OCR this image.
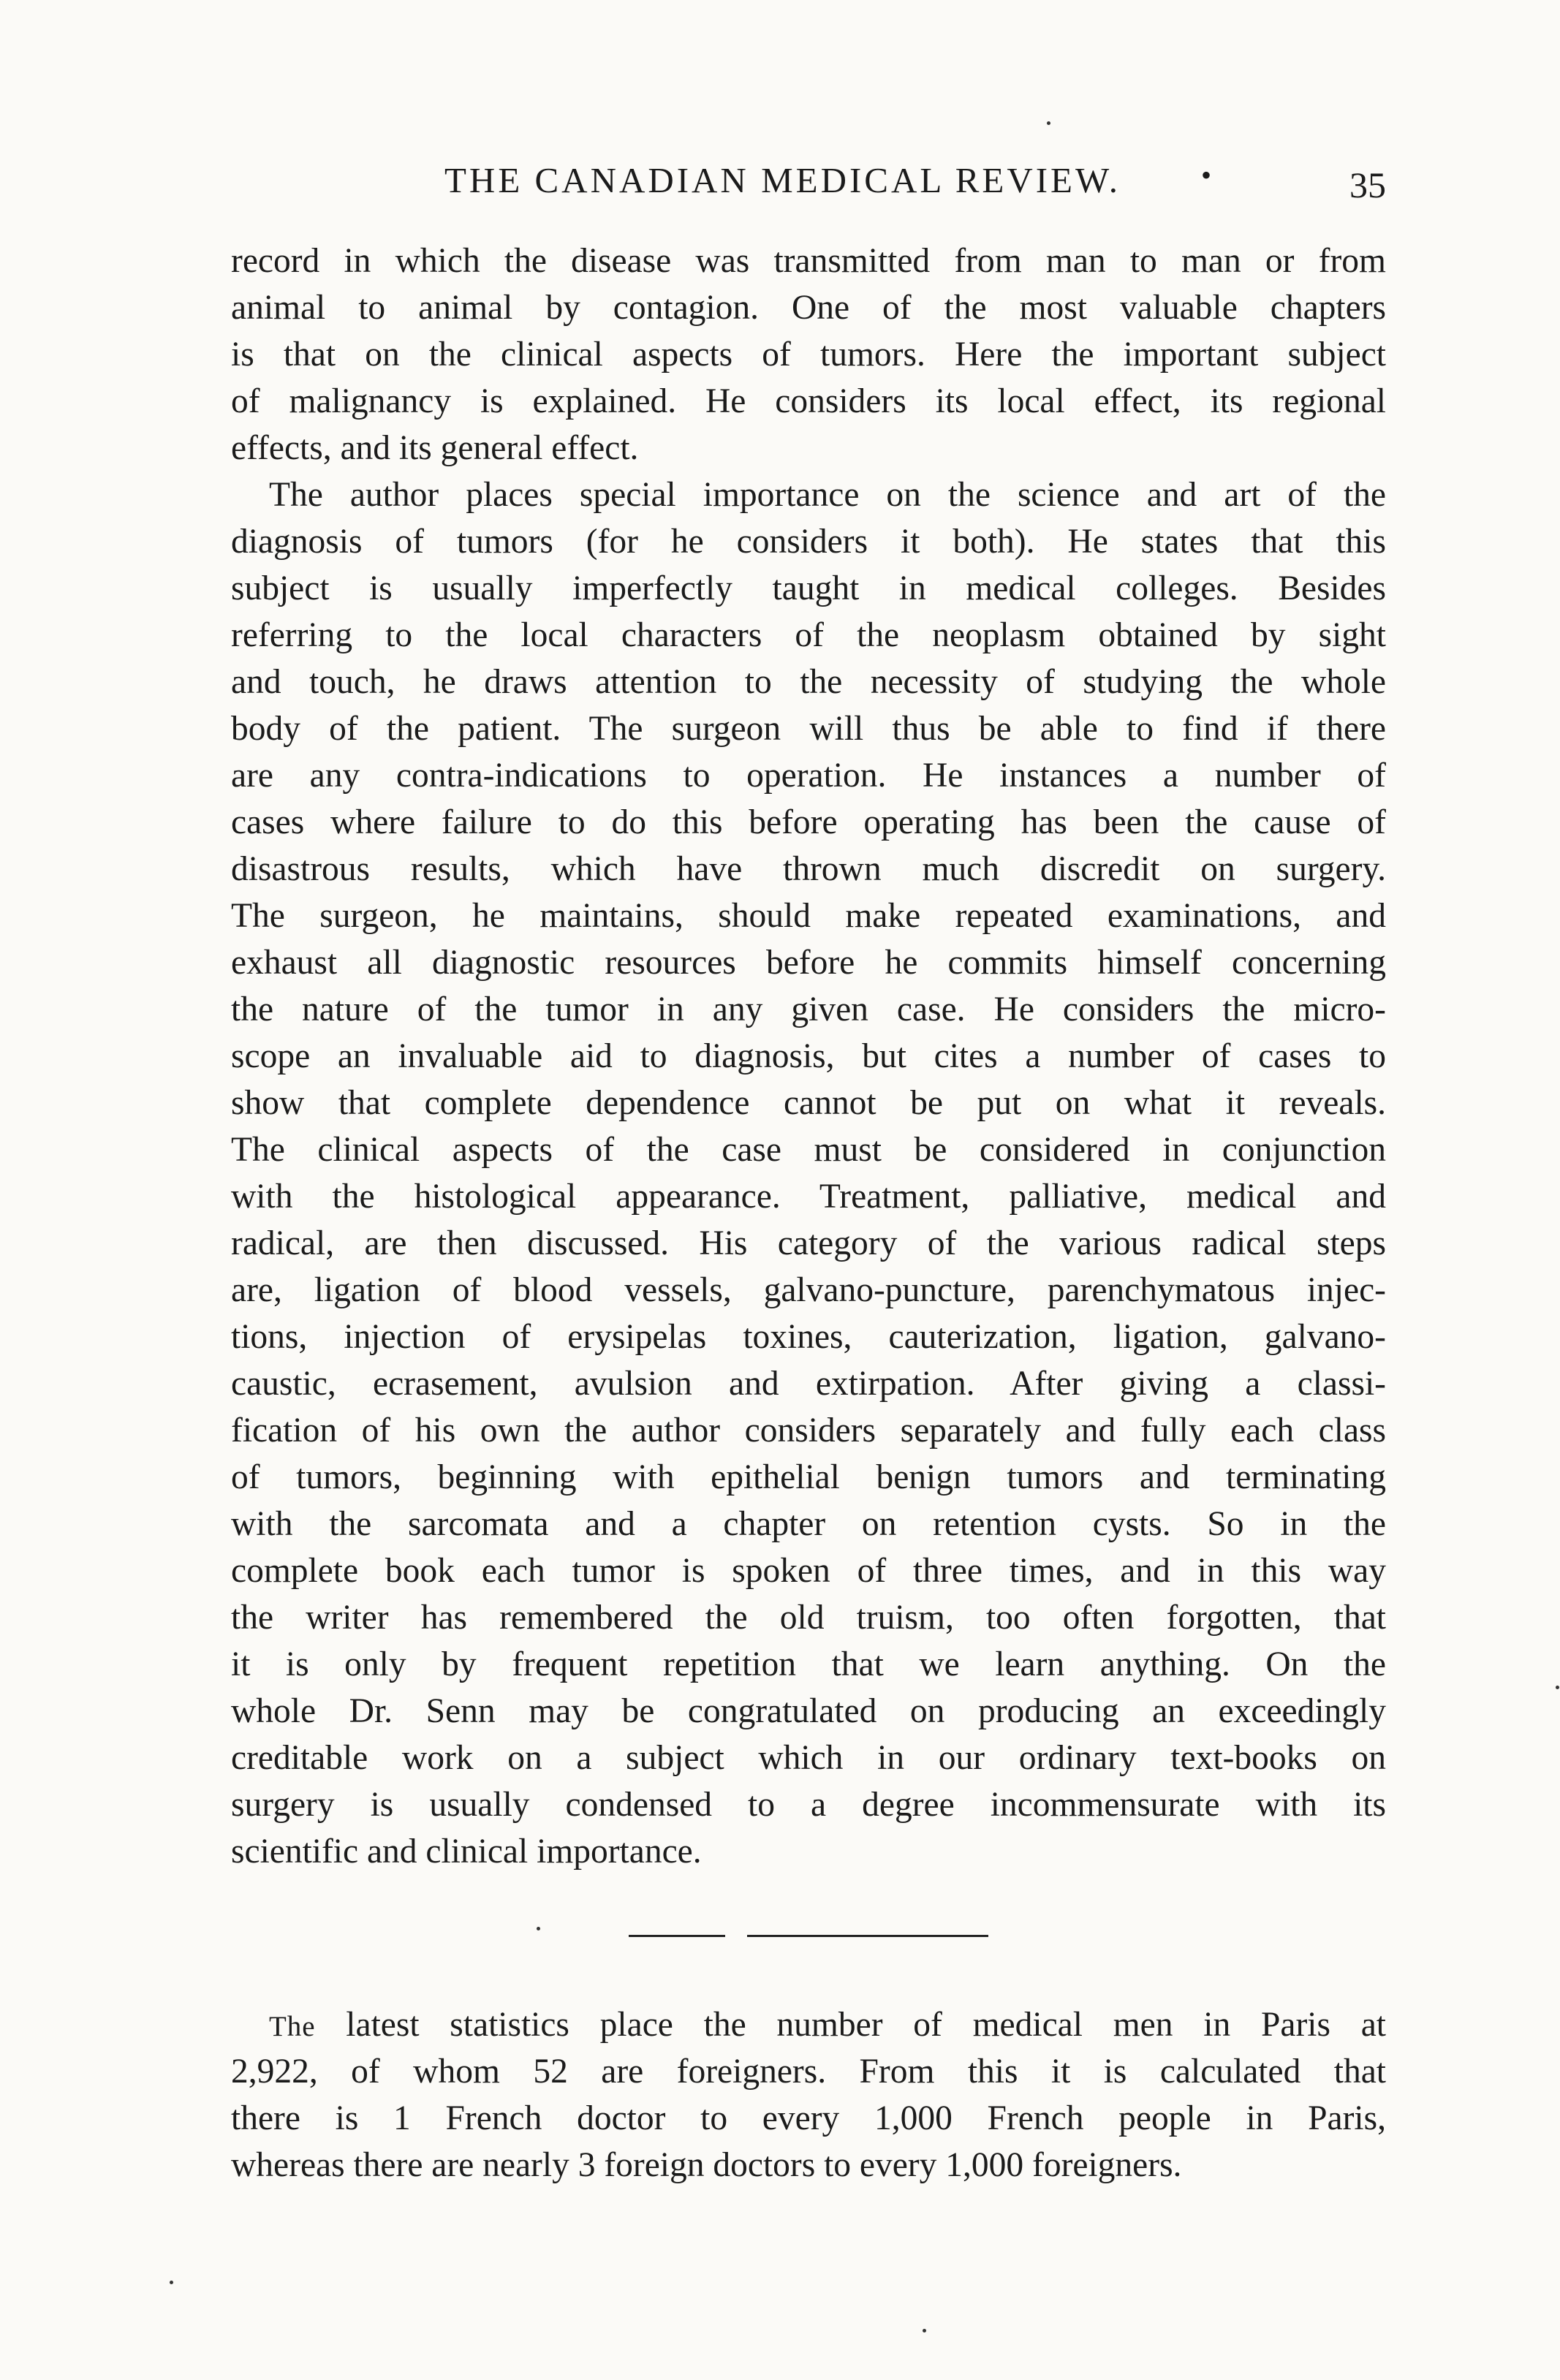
THE CANADIAN MEDICAL REVIEW.	•	35
record in which the disease was transmitted from man to man or from
animal to animal by contagion. One of the most valuable chapters
is that on the clinical aspects of tumors. Here the important subject
of malignancy is explained. He considers its local effect, its regional
effects, and its general effect.
The author places special importance on the science and art of the
diagnosis of tumors (for he considers it both). He states that this
subject is usually imperfectly taught in medical colleges. Besides
referring to the local characters of the neoplasm obtained by sight
and touch, he draws attention to the necessity of studying the whole
body of the patient. The surgeon will thus be able to find if there
are any contra-indications to operation. He instances a number of
cases where failure to do this before operating has been the cause of
disastrous results, which have thrown much discredit on surgery.
The surgeon, he maintains, should make repeated examinations, and
exhaust all diagnostic resources before he commits himself concerning
the nature of the tumor in any given case. He considers the micro-
scope an invaluable aid to diagnosis, but cites a number of cases to
show that complete dependence cannot be put on what it reveals.
The clinical aspects of the case must be considered in conjunction
with the histological appearance. Treatment, palliative, medical and
radical, are then discussed. His category of the various radical steps
are, ligation of blood vessels, galvano-puncture, parenchymatous injec-
tions, injection of erysipelas toxines, cauterization, ligation, galvano-
caustic, ecrasement, avulsion and extirpation. After giving a classi-
fication of his own the author considers separately and fully each class
of tumors, beginning with epithelial benign tumors and terminating
with the sarcomata and a chapter on retention cysts. So in the
complete book each tumor is spoken of three times, and in this way
the writer has remembered the old truism, too often forgotten, that
it is only by frequent repetition that we learn anything. On the
whole Dr. Senn may be congratulated on producing an exceedingly
creditable work on a subject which in our ordinary text-books on
surgery is usually condensed to a degree incommensurate with its
scientific and clinical importance.
The latest statistics place the number of medical men in Paris at
2,922, of whom 52 are foreigners. From this it is calculated that
there is 1 French doctor to every 1,000 French people in Paris,
whereas there are nearly 3 foreign doctors to every 1,000 foreigners.
